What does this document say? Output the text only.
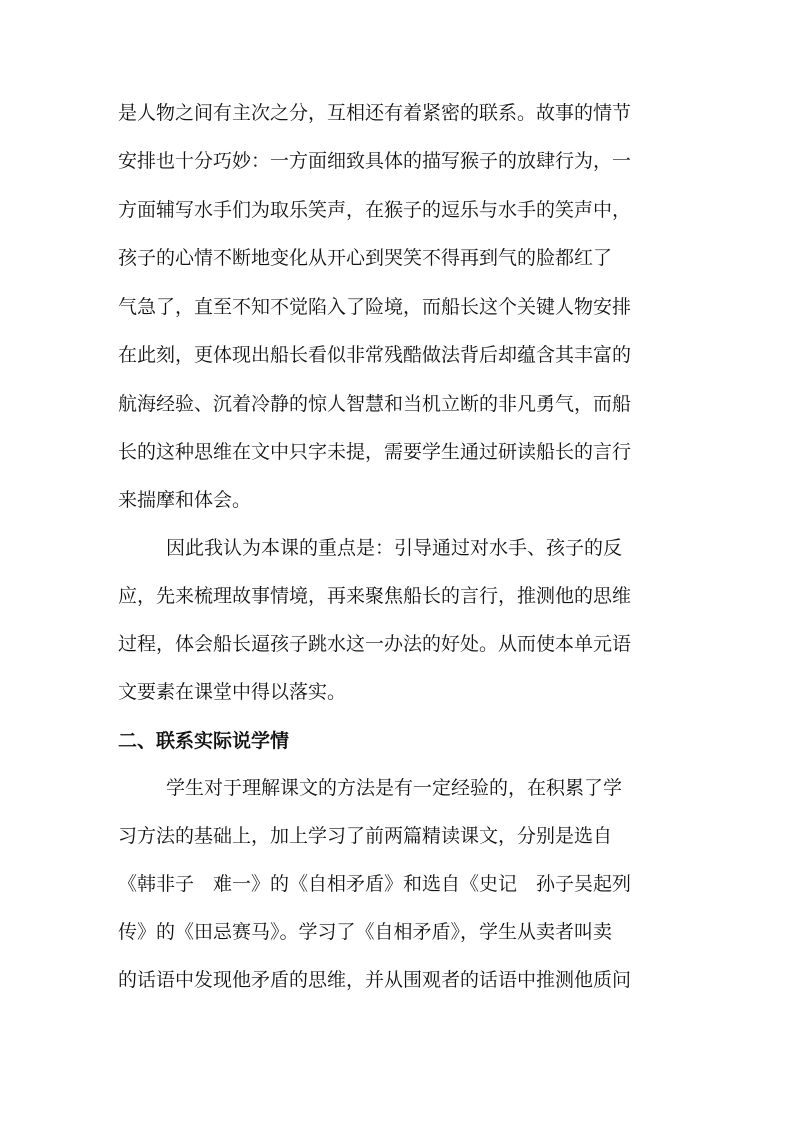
是人物之间有主次之分，互相还有着紧密的联系。故事的情节
安排也十分巧妙：一方面细致具体的描写猴子的放肆行为，一
方面辅写水手们为取乐笑声，在猴子的逗乐与水手的笑声中，
孩子的心情不断地变化从开心到哭笑不得再到气的脸都红了
气急了，直至不知不觉陷入了险境，而船长这个关键人物安排
在此刻，更体现出船长看似非常残酷做法背后却蕴含其丰富的
航海经验、沉着冷静的惊人智慧和当机立断的非凡勇气，而船
长的这种思维在文中只字未提，需要学生通过研读船长的言行
来揣摩和体会。
因此我认为本课的重点是：引导通过对水手、孩子的反
应，先来梳理故事情境，再来聚焦船长的言行，推测他的思维
过程，体会船长逼孩子跳水这一办法的好处。从而使本单元语
文要素在课堂中得以落实。
二、联系实际说学情
学生对于理解课文的方法是有一定经验的，在积累了学
习方法的基础上，加上学习了前两篇精读课文，分别是选自
《韩非子　难一》的《自相矛盾》和选自《史记　孙子吴起列
传》的《田忌赛马》。学习了《自相矛盾》，学生从卖者叫卖
的话语中发现他矛盾的思维，并从围观者的话语中推测他质问
